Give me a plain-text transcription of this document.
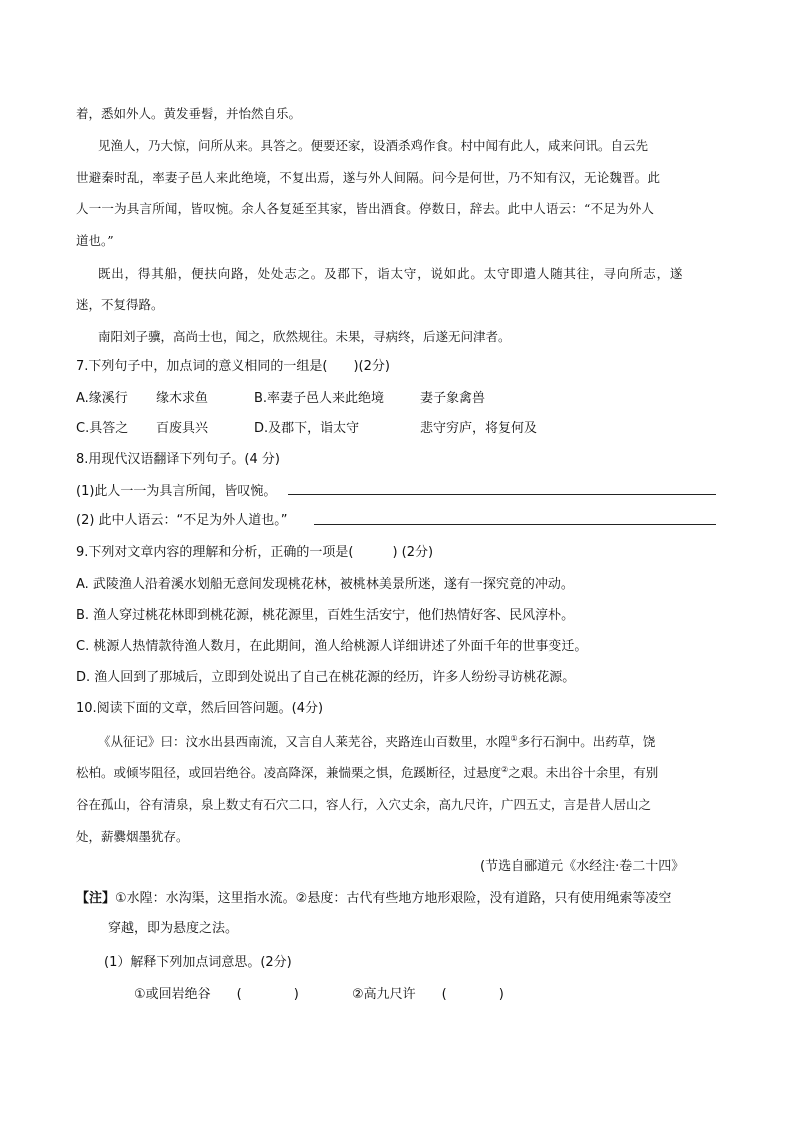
着，悉如外人。黄发垂髫，并怡然自乐。
见渔人，乃大惊，问所从来。具答之。便要还家，设酒杀鸡作食。村中闻有此人，咸来问讯。自云先
世避秦时乱，率妻子邑人来此绝境，不复出焉，遂与外人间隔。问今是何世，乃不知有汉，无论魏晋。此
人一一为具言所闻，皆叹惋。余人各复延至其家，皆出酒食。停数日，辞去。此中人语云：“不足为外人
道也。”
既出，得其船，便扶向路，处处志之。及郡下，诣太守，说如此。太守即遣人随其往，寻向所志，遂
迷，不复得路。
南阳刘子骥，高尚士也，闻之，欣然规往。未果，寻病终，后遂无问津者。
7.下列句子中，加点词的意义相同的一组是(　　)(2分)
A.缘溪行 缘木求鱼	B.率妻子邑人来此绝境	妻子象禽兽
C.具答之 百废具兴	D.及郡下，诣太守	悲守穷庐，将复何及
8.用现代汉语翻译下列句子。(4 分)
(1)此人一一为具言所闻，皆叹惋。
(2) 此中人语云：“不足为外人道也。”
9.下列对文章内容的理解和分析，正确的一项是(　　　) (2分)
A. 武陵渔人沿着溪水划船无意间发现桃花林，被桃林美景所迷，遂有一探究竟的冲动。
B. 渔人穿过桃花林即到桃花源，桃花源里，百姓生活安宁，他们热情好客、民风淳朴。
C. 桃源人热情款待渔人数月，在此期间，渔人给桃源人详细讲述了外面千年的世事变迁。
D. 渔人回到了那城后，立即到处说出了自己在桃花源的经历，许多人纷纷寻访桃花源。
10.阅读下面的文章，然后回答问题。(4分)
《从征记》曰：汶水出县西南流，又言自人莱芜谷，夹路连山百数里，水隍①多行石涧中。出药草，饶
松柏。或倾岑阻径，或回岩绝谷。凌高降深，兼惴栗之惧，危蹊断径，过悬度②之艰。未出谷十余里，有别
谷在孤山，谷有清泉，泉上数丈有石穴二口，容人行，入穴丈余，高九尺许，广四五丈，言是昔人居山之
处，薪爨烟墨犹存。
(节选自郦道元《水经注·卷二十四》
【注】①水隍：水沟渠，这里指水流。②悬度：古代有些地方地形艰险，没有道路，只有使用绳索等凌空
穿越，即为悬度之法。
(1）解释下列加点词意思。(2分)
①或回岩绝谷　　(　　　　)	②高九尺许　　(　　　　)
